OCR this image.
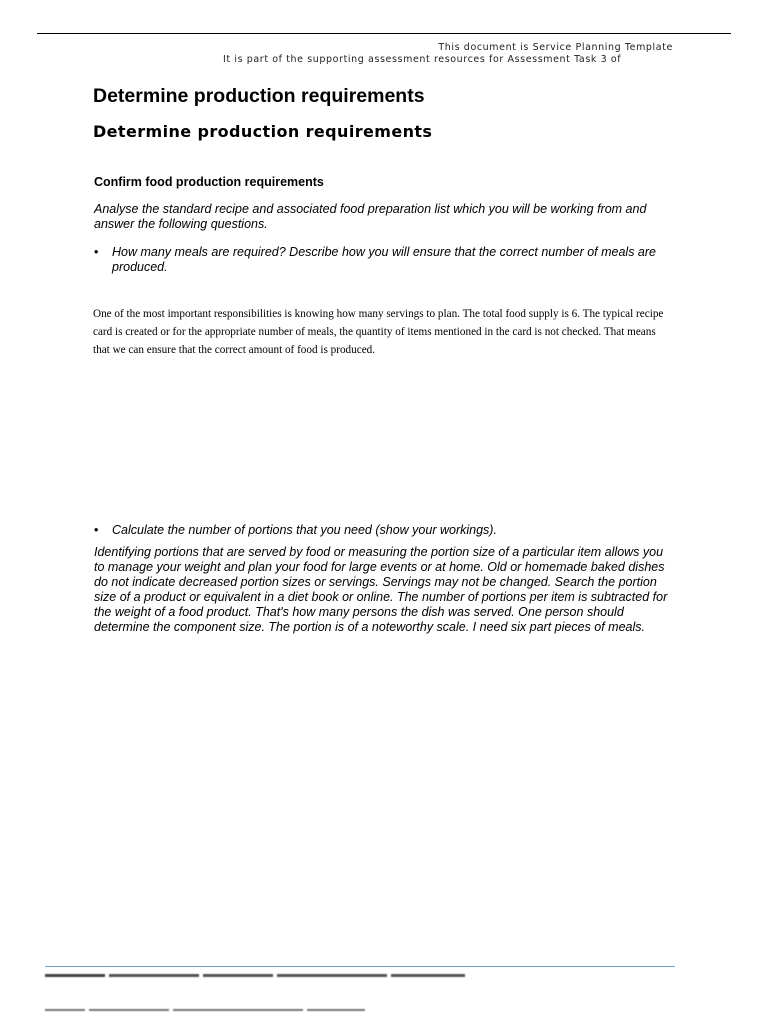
This document is Service Planning Template
It is part of the supporting assessment resources for Assessment Task 3 of
Determine production requirements
Determine production requirements
Confirm food production requirements

Analyse the standard recipe and associated food preparation list which you will be working from and answer the following questions.

• How many meals are required? Describe how you will ensure that the correct number of meals are produced.

One of the most important responsibilities is knowing how many servings to plan. The total food supply is 6. The typical recipe card is created or for the appropriate number of meals, the quantity of items mentioned in the card is not checked. That means that we can ensure that the correct amount of food is produced.

• Calculate the number of portions that you need (show your workings).

Identifying portions that are served by food or measuring the portion size of a particular item allows you to manage your weight and plan your food for large events or at home. Old or homemade baked dishes do not indicate decreased portion sizes or servings. Servings may not be changed. Search the portion size of a product or equivalent in a diet book or online. The number of portions per item is subtracted for the weight of a food product. That's how many persons the dish was served. One person should determine the component size. The portion is of a noteworthy scale. I need six part pieces of meals.
